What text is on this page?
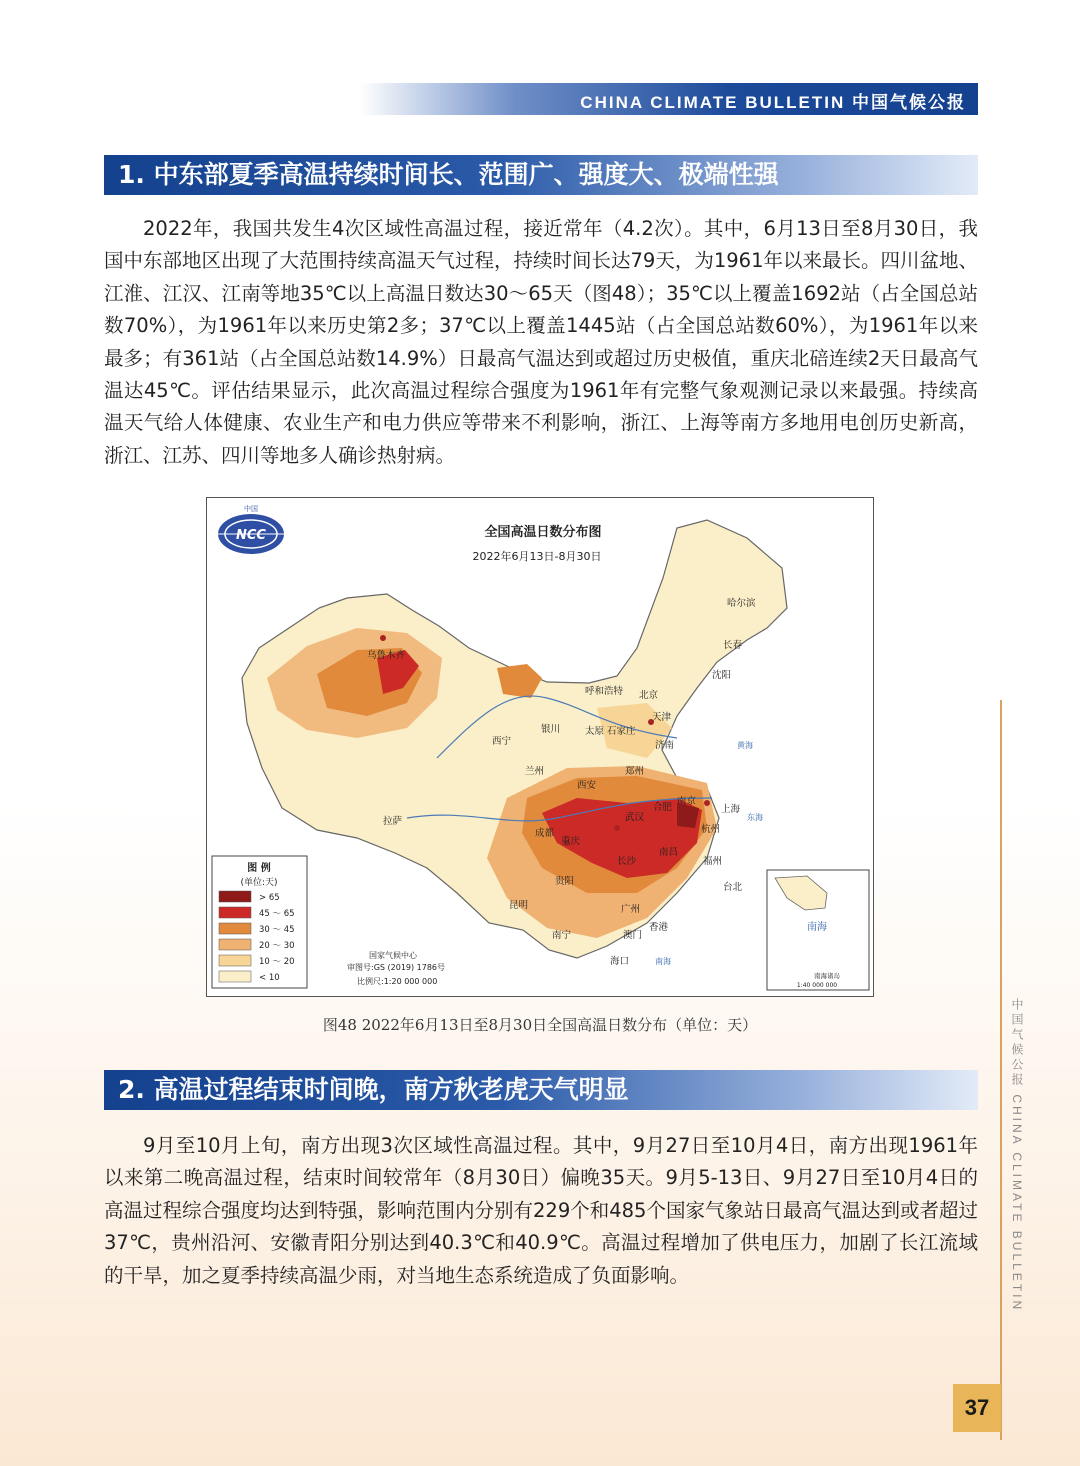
CHINA CLIMATE BULLETIN 中国气候公报
1. 中东部夏季高温持续时间长、范围广、强度大、极端性强
2022年，我国共发生4次区域性高温过程，接近常年（4.2次）。其中，6月13日至8月30日，我国中东部地区出现了大范围持续高温天气过程，持续时间长达79天，为1961年以来最长。四川盆地、江淮、江汉、江南等地35℃以上高温日数达30～65天（图48）；35℃以上覆盖1692站（占全国总站数70%），为1961年以来历史第2多；37℃以上覆盖1445站（占全国总站数60%），为1961年以来最多；有361站（占全国总站数14.9%）日最高气温达到或超过历史极值，重庆北碚连续2天日最高气温达45℃。评估结果显示，此次高温过程综合强度为1961年有完整气象观测记录以来最强。持续高温天气给人体健康、农业生产和电力供应等带来不利影响，浙江、上海等南方多地用电创历史新高，浙江、江苏、四川等地多人确诊热射病。
NCC
中国
全国高温日数分布图
2022年6月13日-8月30日
乌鲁木齐
哈尔滨
长春
沈阳
呼和浩特 北京
天津
石家庄
太原
济南
银川
西宁
兰州	郑州
西安
南京
合肥	上海
武汉
杭州
拉萨
成都
重庆
长沙
南昌
福州
贵阳
台北
昆明	广州
南宁	澳门
香港
海口
东海
南海
黄海
图 例
(单位:天)
> 65
45 ～ 65
30 ～ 45
20 ～ 30
10 ～ 20
< 10
国家气候中心
审图号:GS (2019) 1786号
比例尺:1:20 000 000
南海
南海诸岛
1:40 000 000
图48 2022年6月13日至8月30日全国高温日数分布（单位：天）
2. 高温过程结束时间晚，南方秋老虎天气明显
9月至10月上旬，南方出现3次区域性高温过程。其中，9月27日至10月4日，南方出现1961年以来第二晚高温过程，结束时间较常年（8月30日）偏晚35天。9月5-13日、9月27日至10月4日的高温过程综合强度均达到特强，影响范围内分别有229个和485个国家气象站日最高气温达到或者超过37℃，贵州沿河、安徽青阳分别达到40.3℃和40.9℃。高温过程增加了供电压力，加剧了长江流域的干旱，加之夏季持续高温少雨，对当地生态系统造成了负面影响。	中国气候公报 CHINA CLIMATE BULLETIN
37
